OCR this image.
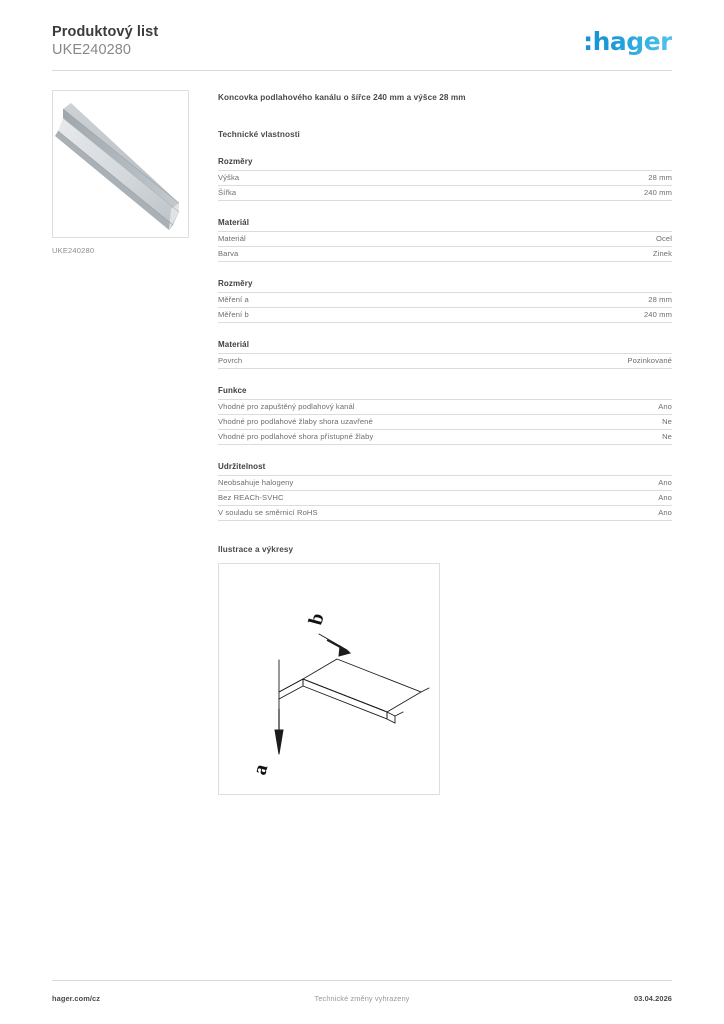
Produktový list
UKE240280	:hager
UKE240280
Koncovka podlahového kanálu o šířce 240 mm a výšce 28 mm
Technické vlastnosti
Rozměry
Výška	28 mm
Šířka	240 mm
Materiál
Materiál	Ocel
Barva	Zinek
Rozměry
Měření a	28 mm
Měření b	240 mm
Materiál
Povrch	Pozinkované
Funkce
Vhodné pro zapuštěný podlahový kanál	Ano
Vhodné pro podlahové žlaby shora uzavřené	Ne
Vhodné pro podlahové shora přístupné žlaby	Ne
Udržitelnost
Neobsahuje halogeny	Ano
Bez REACh-SVHC	Ano
V souladu se směrnicí RoHS	Ano
Ilustrace a výkresy
b
a
hager.com/cz	Technické změny vyhrazeny	03.04.2026
